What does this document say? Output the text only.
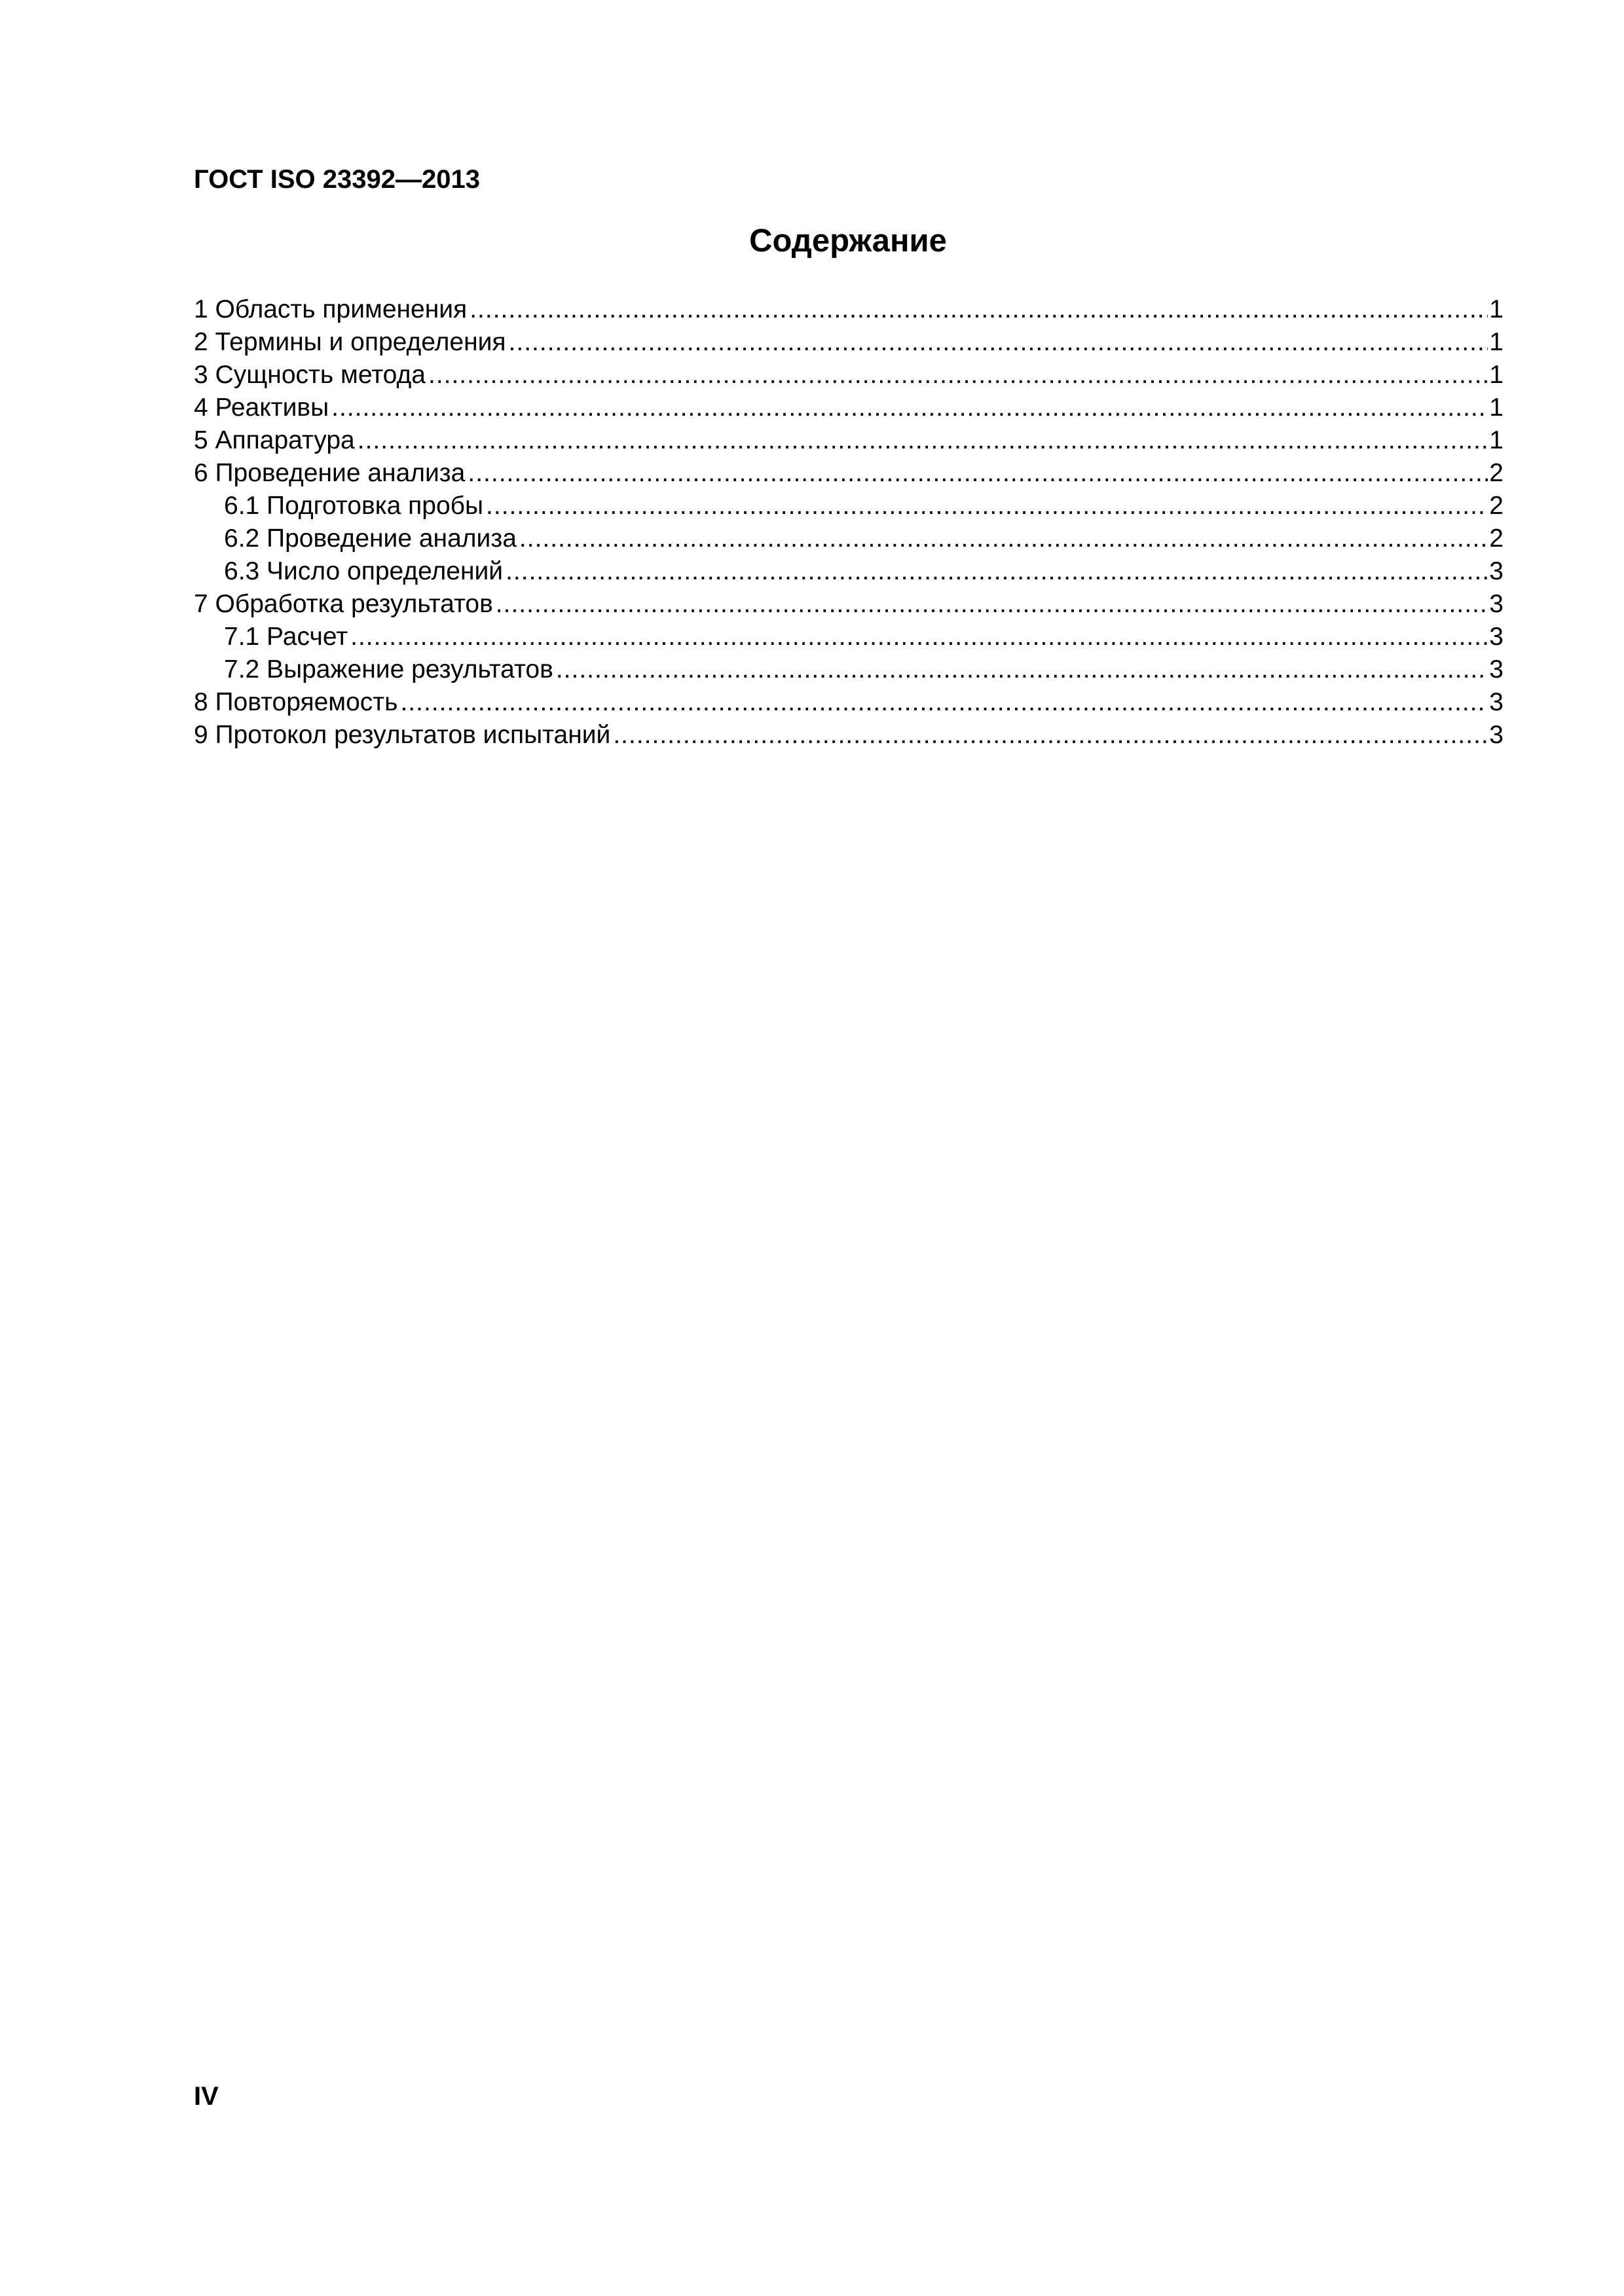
ГОСТ ISO 23392—2013
Содержание
1 Область применения .....	1
2 Термины и определения .....	1
3 Сущность метода .....	1
4 Реактивы .....	1
5 Аппаратура .....	1
6 Проведение анализа .....	2
6.1 Подготовка пробы .....	2
6.2 Проведение анализа .....	2
6.3 Число определений .....	3
7 Обработка результатов .....	3
7.1 Расчет .....	3
7.2 Выражение результатов .....	3
8 Повторяемость .....	3
9 Протокол результатов испытаний .....	3
IV
